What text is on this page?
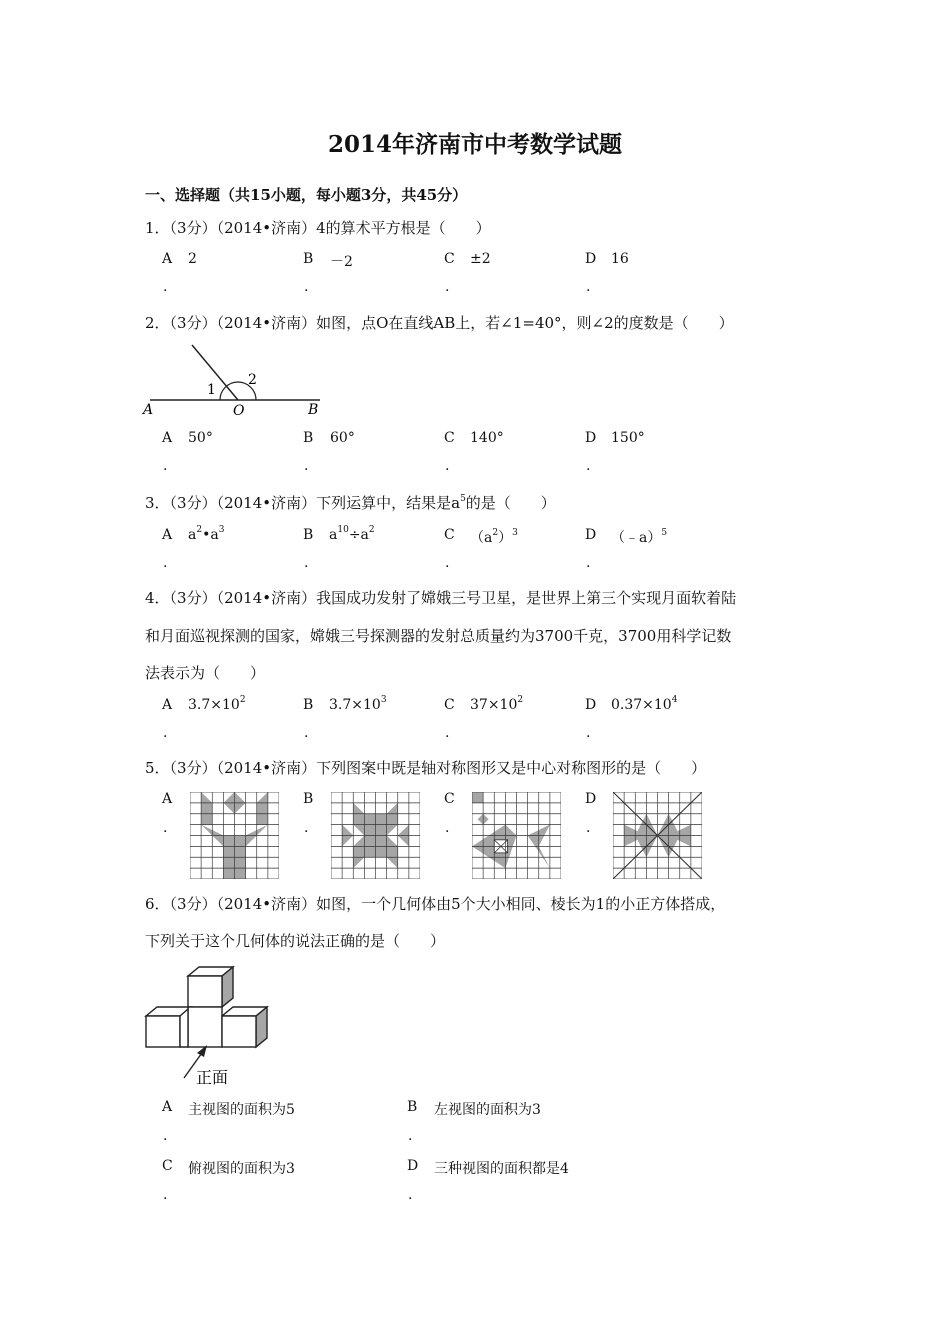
2014年济南市中考数学试题
一、选择题（共15小题，每小题3分，共45分）
1．（3分）（2014•济南）4的算术平方根是（　　）
A 2	B －2	C ±2	D 16
.	.	.	.
2．（3分）（2014•济南）如图，点O在直线AB上，若∠1=40°，则∠2的度数是（　　）
A	O	B
1
2
A 50°	B 60°	C 140°	D 150°
.	.	.	.
3．（3分）（2014•济南）下列运算中，结果是$a^5$的是（　　）
A $a^2•a^3$	B $a^{10}\div a^2$	C $(a^2)^3$	D （﹣a）$^5$
.	.	.	.
4．（3分）（2014•济南）我国成功发射了嫦娥三号卫星，是世界上第三个实现月面软着陆
和月面巡视探测的国家，嫦娥三号探测器的发射总质量约为3700千克，3700用科学记数
法表示为（　　）
A $3.7\times 10^2$	B $3.7\times 10^3$	C $37\times 10^2$	D $0.37\times 10^4$
.	.	.	.
5．（3分）（2014•济南）下列图案中既是轴对称图形又是中心对称图形的是（　　）
A	B	C	D
.	.	.	.
6．（3分）（2014•济南）如图，一个几何体由5个大小相同、棱长为1的小正方体搭成，
下列关于这个几何体的说法正确的是（　　）
正面
A 主视图的面积为5	B 左视图的面积为3
.	.
C 俯视图的面积为3	D 三种视图的面积都是4
.	.
